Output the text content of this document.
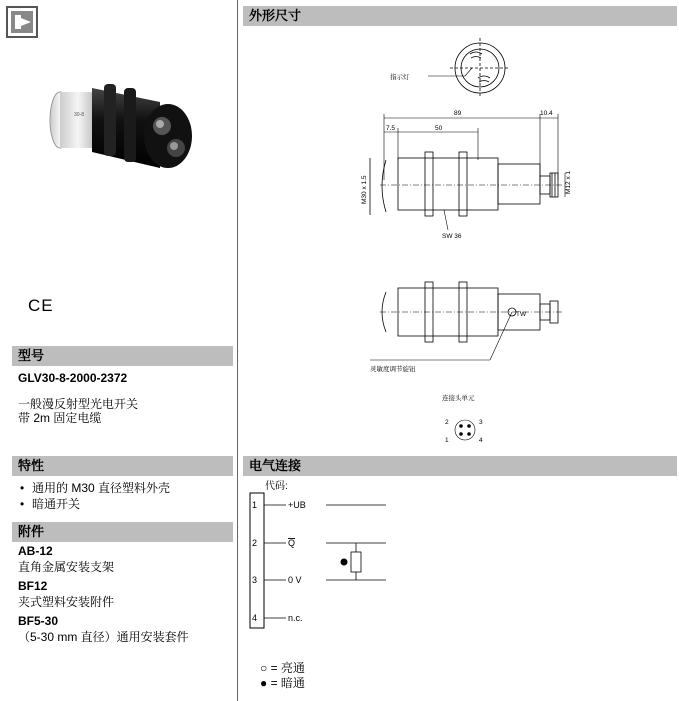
30-8
CE
型号
GLV30-8-2000-2372
一般漫反射型光电开关
带 2m 固定电缆
特性
• 通用的 M30 直径塑料外壳
• 暗通开关
附件
AB-12
直角金属安装支架
BF12
夹式塑料安装附件
BF5-30
（5-30 mm 直径）通用安装套件
外形尺寸
指示灯
89	10.4
7.5	50
M30 x 1.5	M12 x 1
SW 36
TW
灵敏度调节旋钮
连接头单元
2	3
1	4
电气连接
代码:
1
2
3
4
+UB
Q
0 V
n.c.
○ = 亮通
● = 暗通
